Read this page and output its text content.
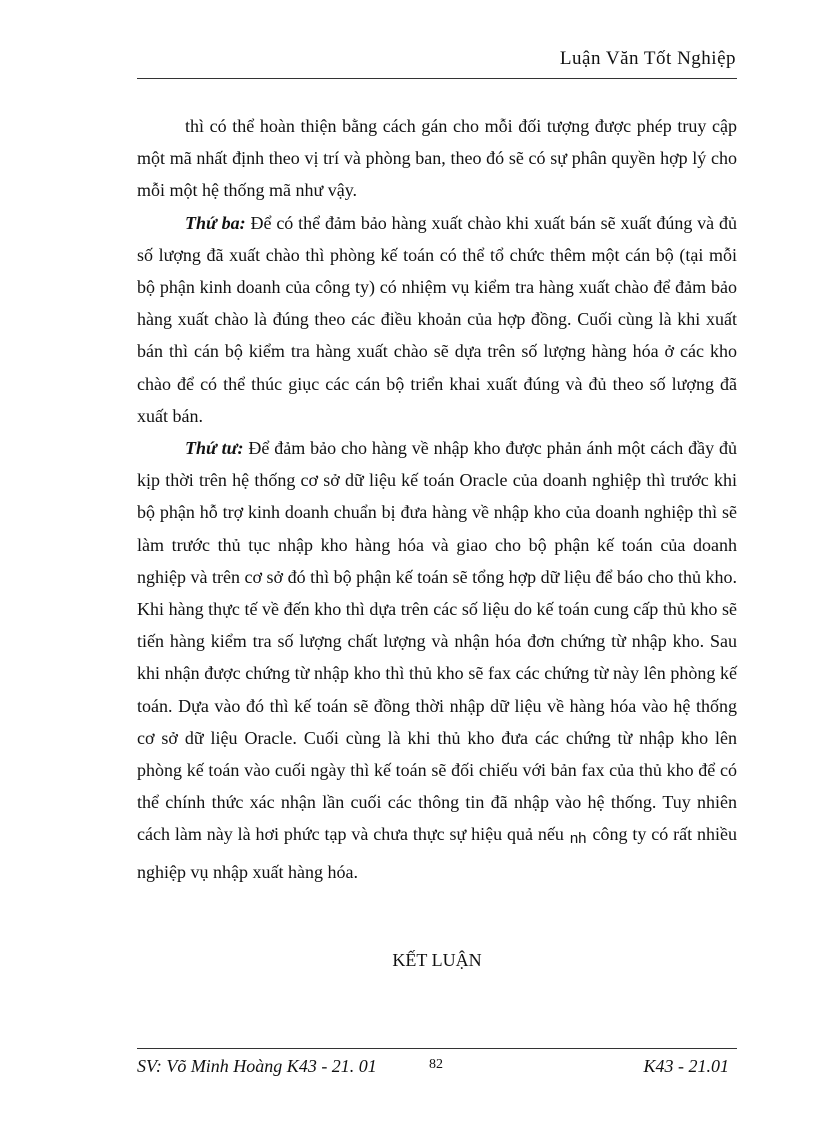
Luận Văn Tốt Nghiệp

thì có thể hoàn thiện bằng cách gán cho mỗi đối tượng được phép truy cập một mã nhất định theo vị trí và phòng ban, theo đó sẽ có sự phân quyền hợp lý cho mỗi một hệ thống mã như vậy.

Thứ ba: Để có thể đảm bảo hàng xuất chào khi xuất bán sẽ xuất đúng và đủ số lượng đã xuất chào thì phòng kế toán có thể tổ chức thêm một cán bộ (tại mỗi bộ phận kinh doanh của công ty) có nhiệm vụ kiểm tra hàng xuất chào để đảm bảo hàng xuất chào là đúng theo các điều khoản của hợp đồng. Cuối cùng là khi xuất bán thì cán bộ kiểm tra hàng xuất chào sẽ dựa trên số lượng hàng hóa ở các kho chào để có thể thúc giục các cán bộ triển khai xuất đúng và đủ theo số lượng đã xuất bán.

Thứ tư: Để đảm bảo cho hàng về nhập kho được phản ánh một cách đầy đủ kịp thời trên hệ thống cơ sở dữ liệu kế toán Oracle của doanh nghiệp thì trước khi bộ phận hỗ trợ kinh doanh chuẩn bị đưa hàng về nhập kho của doanh nghiệp thì sẽ làm trước thủ tục nhập kho hàng hóa và giao cho bộ phận kế toán của doanh nghiệp và trên cơ sở đó thì bộ phận kế toán sẽ tổng hợp dữ liệu để báo cho thủ kho. Khi hàng thực tế về đến kho thì dựa trên các số liệu do kế toán cung cấp thủ kho sẽ tiến hàng kiểm tra số lượng chất lượng và nhận hóa đơn chứng từ nhập kho. Sau khi nhận được chứng từ nhập kho thì thủ kho sẽ fax các chứng từ này lên phòng kế toán. Dựa vào đó thì kế toán sẽ đồng thời nhập dữ liệu về hàng hóa vào hệ thống cơ sở dữ liệu Oracle. Cuối cùng là khi thủ kho đưa các chứng từ nhập kho lên phòng kế toán vào cuối ngày thì kế toán sẽ đối chiếu với bản fax của thủ kho để có thể chính thức xác nhận lần cuối các thông tin đã nhập vào hệ thống. Tuy nhiên cách làm này là hơi phức tạp và chưa thực sự hiệu quả nếu nh công ty có rất nhiều nghiệp vụ nhập xuất hàng hóa.

KẾT LUẬN
SV: Võ Minh Hoàng K43 - 21. 01	82	K43 - 21.01
